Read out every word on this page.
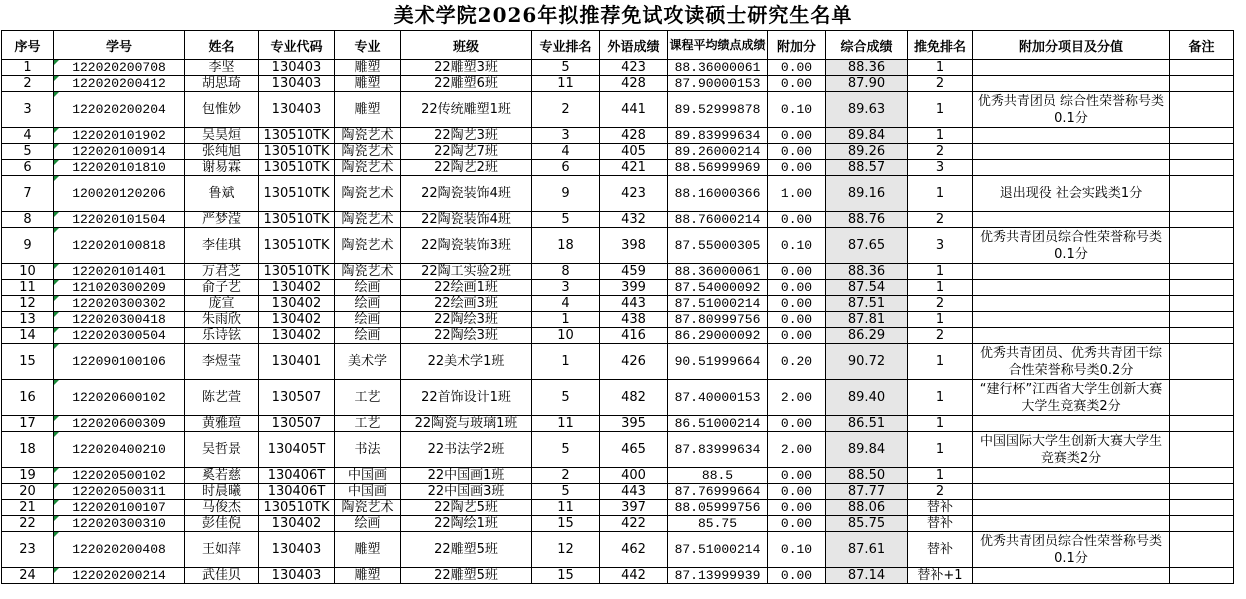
美术学院2026年拟推荐免试攻读硕士研究生名单
序号	学号	姓名	专业代码	专业	班级	专业排名	外语成绩	课程平均绩点成绩	附加分	综合成绩	推免排名	附加分项目及分值	备注
1	122020200708	李坚	130403	雕塑	22雕塑3班	5	423	88.36000061	0.00	88.36	1		
2	122020200412	胡思琦	130403	雕塑	22雕塑6班	11	428	87.90000153	0.00	87.90	2		
3	122020200204	包惟妙	130403	雕塑	22传统雕塑1班	2	441	89.52999878	0.10	89.63	1	优秀共青团员 综合性荣誉称号类0.1分	
4	122020101902	吴昊烜	130510TK	陶瓷艺术	22陶艺3班	3	428	89.83999634	0.00	89.84	1		
5	122020100914	张纯旭	130510TK	陶瓷艺术	22陶艺7班	4	405	89.26000214	0.00	89.26	2		
6	122020101810	谢易霖	130510TK	陶瓷艺术	22陶艺2班	6	421	88.56999969	0.00	88.57	3		
7	120020120206	鲁斌	130510TK	陶瓷艺术	22陶瓷装饰4班	9	423	88.16000366	1.00	89.16	1	退出现役 社会实践类1分	
8	122020101504	严梦滢	130510TK	陶瓷艺术	22陶瓷装饰4班	5	432	88.76000214	0.00	88.76	2		
9	122020100818	李佳琪	130510TK	陶瓷艺术	22陶瓷装饰3班	18	398	87.55000305	0.10	87.65	3	优秀共青团员综合性荣誉称号类0.1分	
10	122020101401	万君芝	130510TK	陶瓷艺术	22陶工实验2班	8	459	88.36000061	0.00	88.36	1		
11	121020300209	俞子艺	130402	绘画	22绘画1班	3	399	87.54000092	0.00	87.54	1		
12	122020300302	庞宣	130402	绘画	22绘画3班	4	443	87.51000214	0.00	87.51	2		
13	122020300418	朱雨欣	130402	绘画	22陶绘3班	1	438	87.80999756	0.00	87.81	1		
14	122020300504	乐诗铉	130402	绘画	22陶绘3班	10	416	86.29000092	0.00	86.29	2		
15	122090100106	李煜莹	130401	美术学	22美术学1班	1	426	90.51999664	0.20	90.72	1	优秀共青团员、优秀共青团干综合性荣誉称号类0.2分	
16	122020600102	陈艺萱	130507	工艺	22首饰设计1班	5	482	87.40000153	2.00	89.40	1	“建行杯”江西省大学生创新大赛 大学生竞赛类2分	
17	122020600309	黄雅瑄	130507	工艺	22陶瓷与玻璃1班	11	395	86.51000214	0.00	86.51	1		
18	122020400210	吴哲景	130405T	书法	22书法学2班	5	465	87.83999634	2.00	89.84	1	中国国际大学生创新大赛大学生竞赛类2分	
19	122020500102	奚若慈	130406T	中国画	22中国画1班	2	400	88.5	0.00	88.50	1		
20	122020500311	时晨曦	130406T	中国画	22中国画3班	5	443	87.76999664	0.00	87.77	2		
21	122020100107	马俊杰	130510TK	陶瓷艺术	22陶艺5班	11	397	88.05999756	0.00	88.06	替补		
22	122020300310	彭佳倪	130402	绘画	22陶绘1班	15	422	85.75	0.00	85.75	替补		
23	122020200408	王如萍	130403	雕塑	22雕塑5班	12	462	87.51000214	0.10	87.61	替补	优秀共青团员综合性荣誉称号类0.1分	
24	122020200214	武佳贝	130403	雕塑	22雕塑5班	15	442	87.13999939	0.00	87.14	替补+1		
